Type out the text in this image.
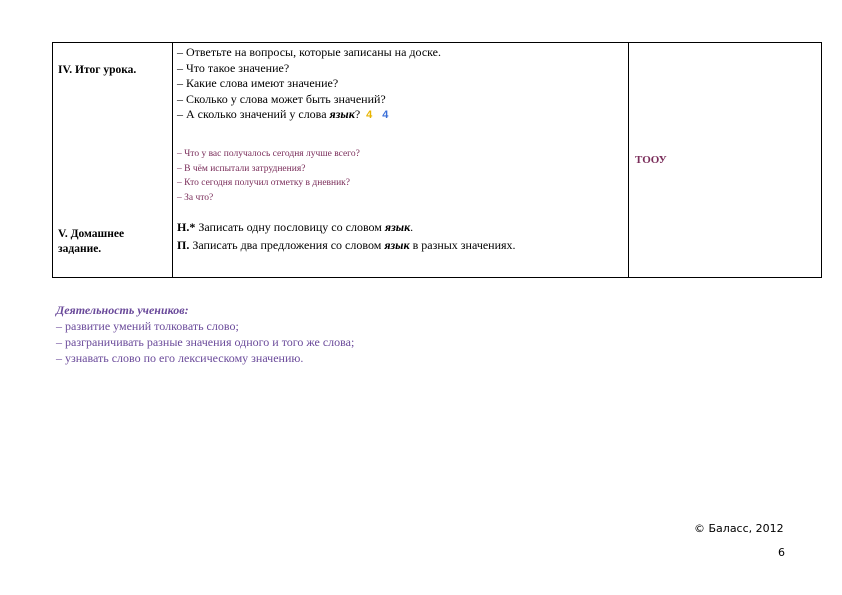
IV. Итог урока.
V. Домашнее задание.
– Ответьте на вопросы, которые записаны на доске.
– Что такое значение?
– Какие слова имеют значение?
– Сколько у слова может быть значений?
– А сколько значений у слова язык? 4 4
– Что у вас получалось сегодня лучше всего?
– В чём испытали затруднения?
– Кто сегодня получил отметку в дневник?
– За что?
Н.* Записать одну пословицу со словом язык.
П. Записать два предложения со словом язык в разных значениях.
ТООУ
Деятельность учеников:
– развитие умений толковать слово;
– разграничивать разные значения одного и того же слова;
– узнавать слово по его лексическому значению.
© Баласс, 2012
6
